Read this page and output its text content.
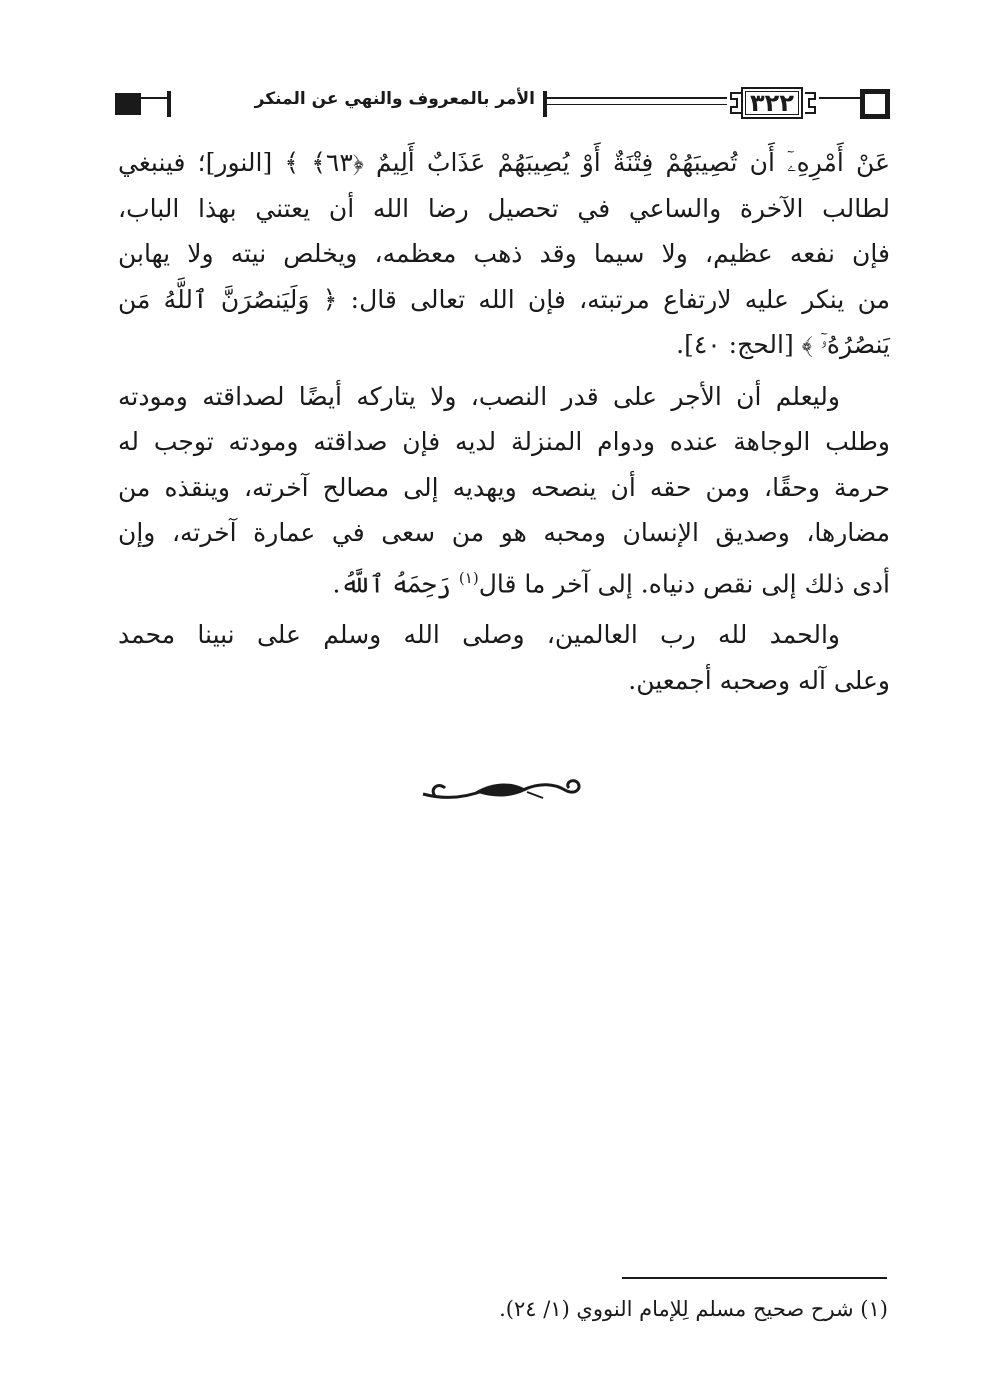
الأمر بالمعروف والنهي عن المنكر	٣٢٢

عَنْ أَمْرِهِۦٓ أَن تُصِيبَهُمْ فِتْنَةٌ أَوْ يُصِيبَهُمْ عَذَابٌ أَلِيمٌ ﴿٦٣﴾ ﴾ [النور]؛ فينبغي
لطالب الآخرة والساعي في تحصيل رضا الله أن يعتني بهذا الباب،
فإن نفعه عظيم، ولا سيما وقد ذهب معظمه، ويخلص نيته ولا يهابن
من ينكر عليه لارتفاع مرتبته، فإن الله تعالى قال: ﴿ وَلَيَنصُرَنَّ ٱللَّهُ مَن
يَنصُرُهُۥٓ ﴾ [الحج: ٤٠].

وليعلم أن الأجر على قدر النصب، ولا يتاركه أيضًا لصداقته ومودته
وطلب الوجاهة عنده ودوام المنزلة لديه فإن صداقته ومودته توجب له
حرمة وحقًا، ومن حقه أن ينصحه ويهديه إلى مصالح آخرته، وينقذه من
مضارها، وصديق الإنسان ومحبه هو من سعى في عمارة آخرته، وإن
أدى ذلك إلى نقص دنياه. إلى آخر ما قال$^{(١)}$ رَحِمَهُ ٱللَّهُ.

والحمد لله رب العالمين، وصلى الله وسلم على نبينا محمد
وعلى آله وصحبه أجمعين.

(١) شرح صحيح مسلم لِلإمام النووي (١/ ٢٤).
